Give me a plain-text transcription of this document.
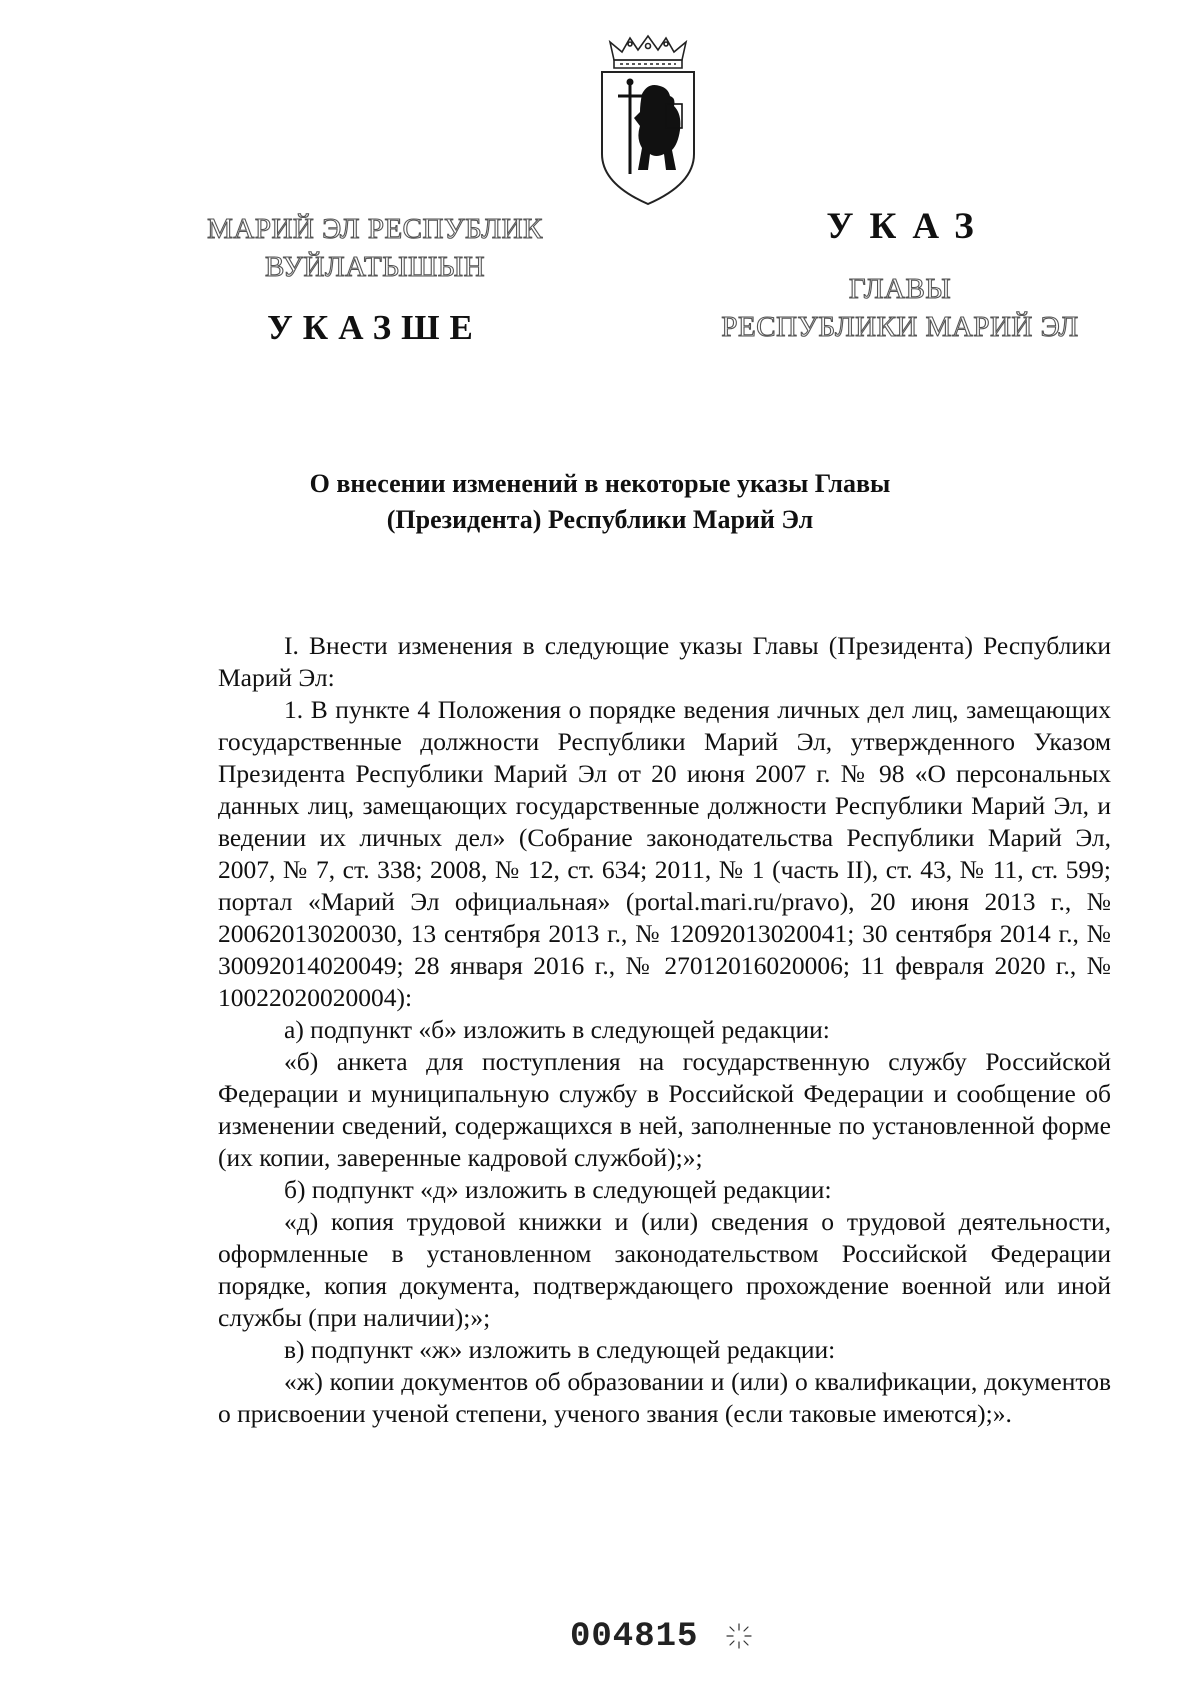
МАРИЙ ЭЛ РЕСПУБЛИК
ВУЙЛАТЫШЫН
УКАЗШЕ
УКАЗ
ГЛАВЫ
РЕСПУБЛИКИ МАРИЙ ЭЛ
О внесении изменений в некоторые указы Главы
(Президента) Республики Марий Эл

I. Внести изменения в следующие указы Главы (Президента) Республики Марий Эл:

1. В пункте 4 Положения о порядке ведения личных дел лиц, замещающих государственные должности Республики Марий Эл, утвержденного Указом Президента Республики Марий Эл от 20 июня 2007 г. № 98 «О персональных данных лиц, замещающих государственные должности Республики Марий Эл, и ведении их личных дел» (Собрание законодательства Республики Марий Эл, 2007, № 7, ст. 338; 2008, № 12, ст. 634; 2011, № 1 (часть II), ст. 43, № 11, ст. 599; портал «Марий Эл официальная» (portal.mari.ru/pravo), 20 июня 2013 г., № 20062013020030, 13 сентября 2013 г., № 12092013020041; 30 сентября 2014 г., № 30092014020049; 28 января 2016 г., № 27012016020006; 11 февраля 2020 г., № 10022020020004):

а) подпункт «б» изложить в следующей редакции:

«б) анкета для поступления на государственную службу Российской Федерации и муниципальную службу в Российской Федерации и сообщение об изменении сведений, содержащихся в ней, заполненные по установленной форме (их копии, заверенные кадровой службой);»;

б) подпункт «д» изложить в следующей редакции:

«д) копия трудовой книжки и (или) сведения о трудовой деятельности, оформленные в установленном законодательством Российской Федерации порядке, копия документа, подтверждающего прохождение военной или иной службы (при наличии);»;

в) подпункт «ж» изложить в следующей редакции:

«ж) копии документов об образовании и (или) о квалификации, документов о присвоении ученой степени, ученого звания (если таковые имеются);».

004815
